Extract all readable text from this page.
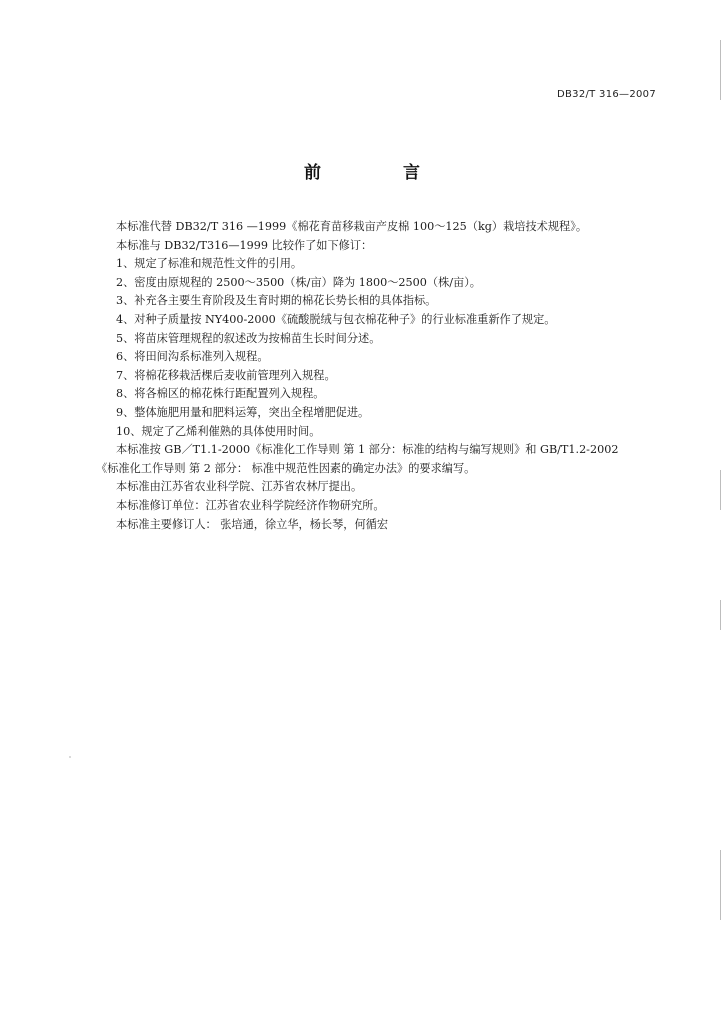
DB32/T 316—2007
前 言
本标准代替 DB32/T 316 —1999《棉花育苗移栽亩产皮棉 100～125（kg）栽培技术规程》。
本标准与 DB32/T316—1999 比较作了如下修订：
1、规定了标准和规范性文件的引用。
2、密度由原规程的 2500～3500（株/亩）降为 1800～2500（株/亩）。
3、补充各主要生育阶段及生育时期的棉花长势长相的具体指标。
4、对种子质量按 NY400-2000《硫酸脱绒与包衣棉花种子》的行业标准重新作了规定。
5、将苗床管理规程的叙述改为按棉苗生长时间分述。
6、将田间沟系标准列入规程。
7、将棉花移栽活棵后麦收前管理列入规程。
8、将各棉区的棉花株行距配置列入规程。
9、整体施肥用量和肥料运筹，突出全程增肥促进。
10、规定了乙烯利催熟的具体使用时间。
本标准按 GB／T1.1-2000《标准化工作导则 第 1 部分：标准的结构与编写规则》和 GB/T1.2-2002
《标准化工作导则 第 2 部分： 标准中规范性因素的确定办法》的要求编写。
本标准由江苏省农业科学院、江苏省农林厅提出。
本标准修订单位：江苏省农业科学院经济作物研究所。
本标准主要修订人： 张培通，徐立华，杨长琴，何循宏
